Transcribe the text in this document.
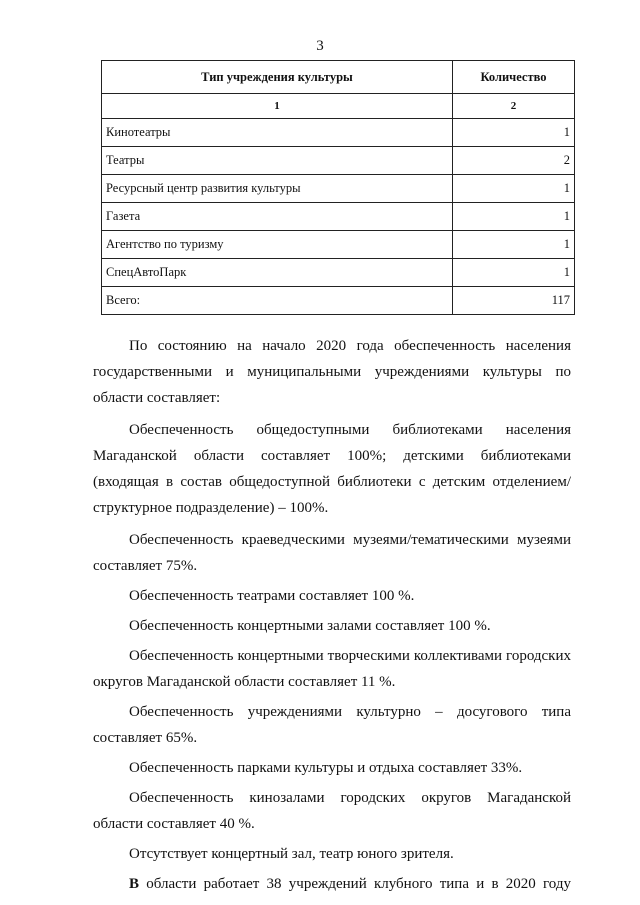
3
Тип учреждения культуры	Количество
1	2
Кинотеатры	1
Театры	2
Ресурсный центр развития культуры	1
Газета	1
Агентство по туризму	1
СпецАвтоПарк	1
Всего:	117

По состоянию на начало 2020 года обеспеченность населения государственными и муниципальными учреждениями культуры по области составляет:

Обеспеченность общедоступными библиотеками населения Магаданской области составляет 100%; детскими библиотеками (входящая в состав общедоступной библиотеки с детским отделением/структурное подразделение) – 100%.

Обеспеченность краеведческими музеями/тематическими музеями составляет 75%.

Обеспеченность театрами составляет 100 %.

Обеспеченность концертными залами составляет 100 %.

Обеспеченность концертными творческими коллективами городских округов Магаданской области составляет 11 %.

Обеспеченность учреждениями культурно – досугового типа составляет 65%.

Обеспеченность парками культуры и отдыха составляет 33%.

Обеспеченность кинозалами городских округов Магаданской области составляет 40 %.

Отсутствует концертный зал, театр юного зрителя.

В области работает 38 учреждений клубного типа и в 2020 году
